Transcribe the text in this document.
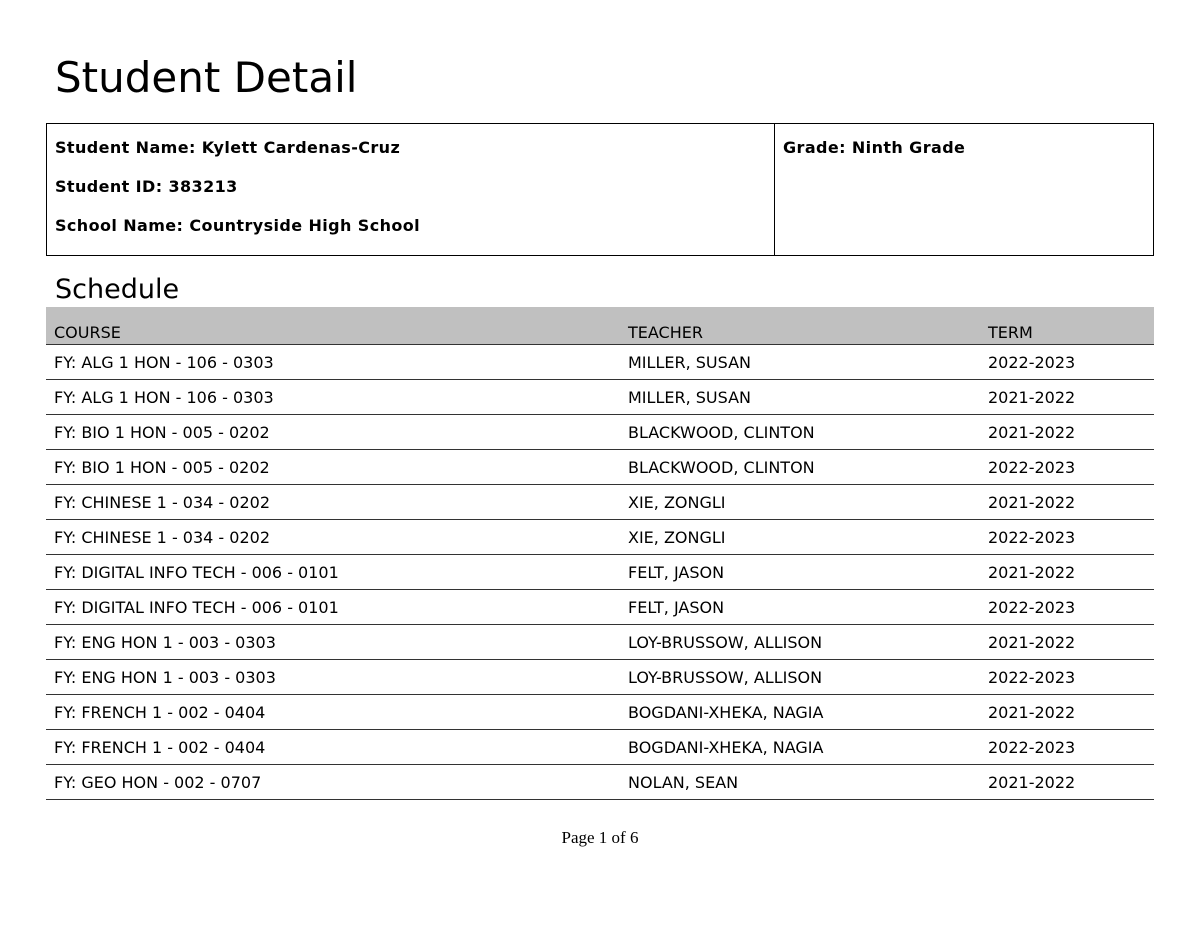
Student Detail
Student Name: Kylett Cardenas-Cruz
Student ID: 383213
School Name: Countryside High School
Grade: Ninth Grade
Schedule
COURSE	TEACHER	TERM
FY: ALG 1 HON - 106 - 0303	MILLER, SUSAN	2022-2023
FY: ALG 1 HON - 106 - 0303	MILLER, SUSAN	2021-2022
FY: BIO 1 HON - 005 - 0202	BLACKWOOD, CLINTON	2021-2022
FY: BIO 1 HON - 005 - 0202	BLACKWOOD, CLINTON	2022-2023
FY: CHINESE 1 - 034 - 0202	XIE, ZONGLI	2021-2022
FY: CHINESE 1 - 034 - 0202	XIE, ZONGLI	2022-2023
FY: DIGITAL INFO TECH - 006 - 0101	FELT, JASON	2021-2022
FY: DIGITAL INFO TECH - 006 - 0101	FELT, JASON	2022-2023
FY: ENG HON 1 - 003 - 0303	LOY-BRUSSOW, ALLISON	2021-2022
FY: ENG HON 1 - 003 - 0303	LOY-BRUSSOW, ALLISON	2022-2023
FY: FRENCH 1 - 002 - 0404	BOGDANI-XHEKA, NAGIA	2021-2022
FY: FRENCH 1 - 002 - 0404	BOGDANI-XHEKA, NAGIA	2022-2023
FY: GEO HON - 002 - 0707	NOLAN, SEAN	2021-2022
Page 1 of 6
